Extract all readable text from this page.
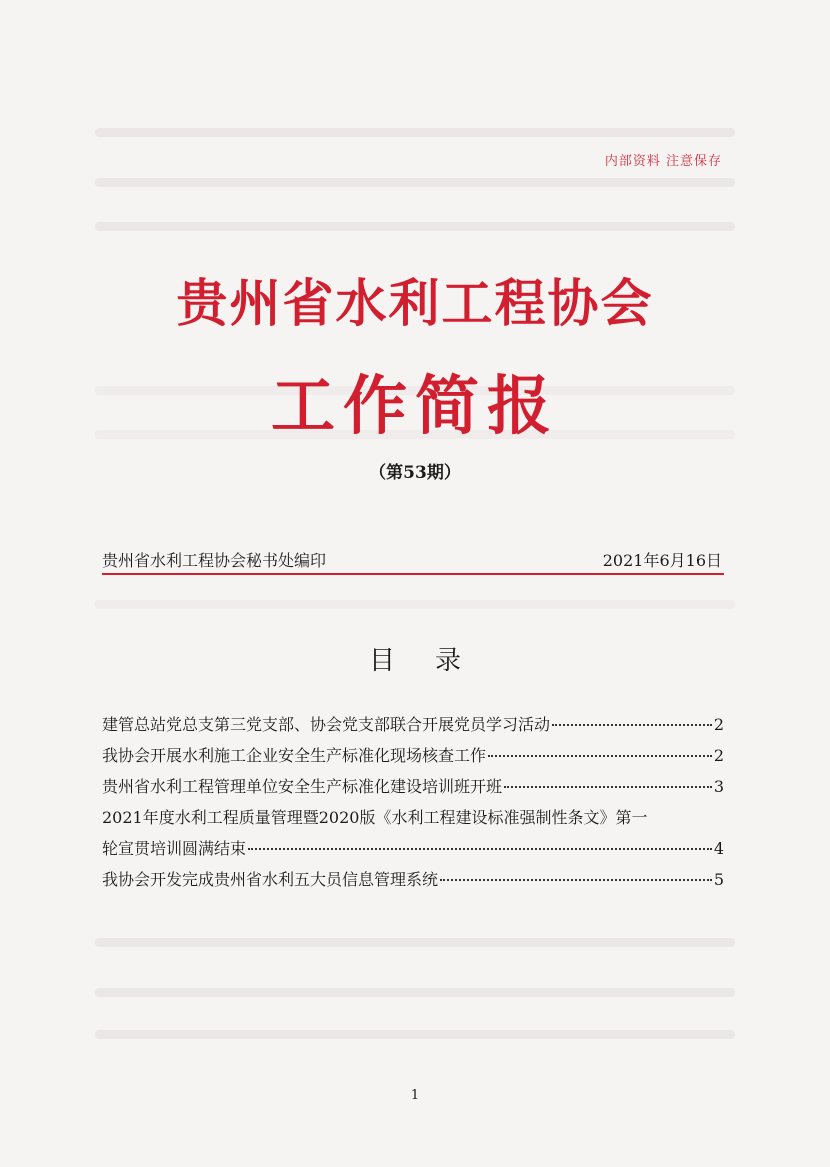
内部资料 注意保存
贵州省水利工程协会
工作简报
（第53期）
贵州省水利工程协会秘书处编印	2021年6月16日
目录
建管总站党总支第三党支部、协会党支部联合开展党员学习活动	2
我协会开展水利施工企业安全生产标准化现场核查工作	2
贵州省水利工程管理单位安全生产标准化建设培训班开班	3
2021年度水利工程质量管理暨2020版《水利工程建设标准强制性条文》第一
轮宣贯培训圆满结束	4
我协会开发完成贵州省水利五大员信息管理系统	5
1
